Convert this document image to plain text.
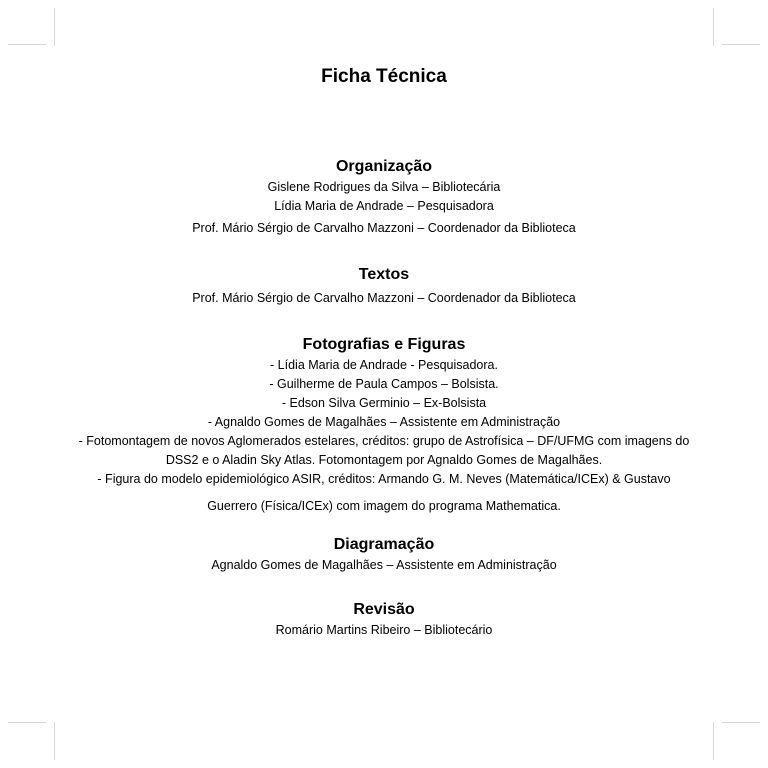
Ficha Técnica
Organização
Gislene Rodrigues da Silva – Bibliotecária
Lídia Maria de Andrade – Pesquisadora
Prof. Mário Sérgio de Carvalho Mazzoni – Coordenador da Biblioteca
Textos
Prof. Mário Sérgio de Carvalho Mazzoni – Coordenador da Biblioteca
Fotografias e Figuras
- Lídia Maria de Andrade - Pesquisadora.
- Guilherme de Paula Campos – Bolsista.
- Edson Silva Germinio – Ex-Bolsista
- Agnaldo Gomes de Magalhães – Assistente em Administração
- Fotomontagem de novos Aglomerados estelares, créditos: grupo de Astrofísica – DF/UFMG com imagens do
DSS2 e o Aladin Sky Atlas. Fotomontagem por Agnaldo Gomes de Magalhães.
- Figura do modelo epidemiológico ASIR, créditos: Armando G. M. Neves (Matemática/ICEx) & Gustavo
Guerrero (Física/ICEx) com imagem do programa Mathematica.
Diagramação
Agnaldo Gomes de Magalhães – Assistente em Administração
Revisão
Romário Martins Ribeiro – Bibliotecário
